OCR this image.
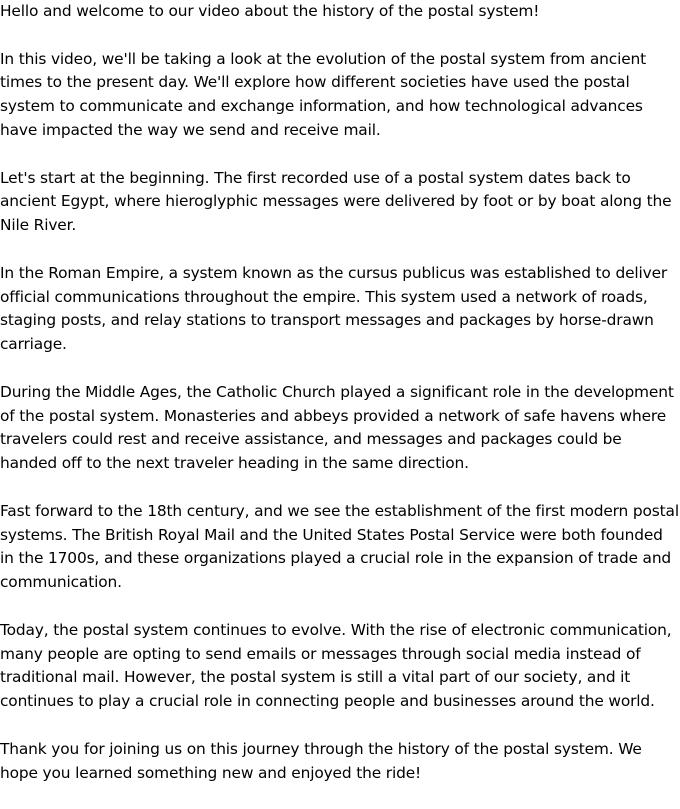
Hello and welcome to our video about the history of the postal system!

In this video, we'll be taking a look at the evolution of the postal system from ancient times to the present day. We'll explore how different societies have used the postal system to communicate and exchange information, and how technological advances have impacted the way we send and receive mail.

Let's start at the beginning. The first recorded use of a postal system dates back to ancient Egypt, where hieroglyphic messages were delivered by foot or by boat along the Nile River.

In the Roman Empire, a system known as the cursus publicus was established to deliver official communications throughout the empire. This system used a network of roads, staging posts, and relay stations to transport messages and packages by horse-drawn carriage.

During the Middle Ages, the Catholic Church played a significant role in the development of the postal system. Monasteries and abbeys provided a network of safe havens where travelers could rest and receive assistance, and messages and packages could be handed off to the next traveler heading in the same direction.

Fast forward to the 18th century, and we see the establishment of the first modern postal systems. The British Royal Mail and the United States Postal Service were both founded in the 1700s, and these organizations played a crucial role in the expansion of trade and communication.

Today, the postal system continues to evolve. With the rise of electronic communication, many people are opting to send emails or messages through social media instead of traditional mail. However, the postal system is still a vital part of our society, and it continues to play a crucial role in connecting people and businesses around the world.

Thank you for joining us on this journey through the history of the postal system. We hope you learned something new and enjoyed the ride!
